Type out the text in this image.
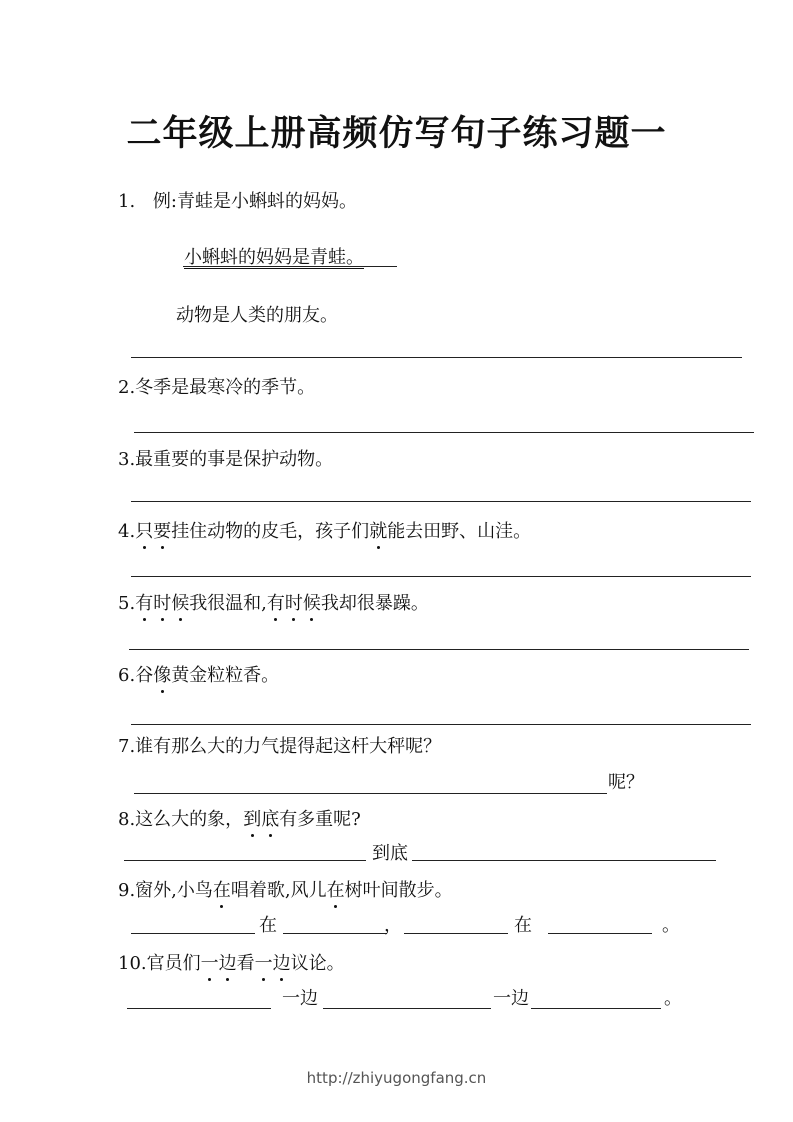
二年级上册高频仿写句子练习题一
1. 例:青蛙是小蝌蚪的妈妈。
小蝌蚪的妈妈是青蛙。
动物是人类的朋友。
2.冬季是最寒冷的季节。
3.最重要的事是保护动物。
4.只要挂住动物的皮毛，孩子们就能去田野、山洼。
5.有时候我很温和,有时候我却很暴躁。
6.谷像黄金粒粒香。
7.谁有那么大的力气提得起这杆大秤呢？
呢？
8.这么大的象，到底有多重呢?
到底
9.窗外,小鸟在唱着歌,风儿在树叶间散步。
在	，	在	。
10.官员们一边看一边议论。
一边	一边	。
http://zhiyugongfang.cn
